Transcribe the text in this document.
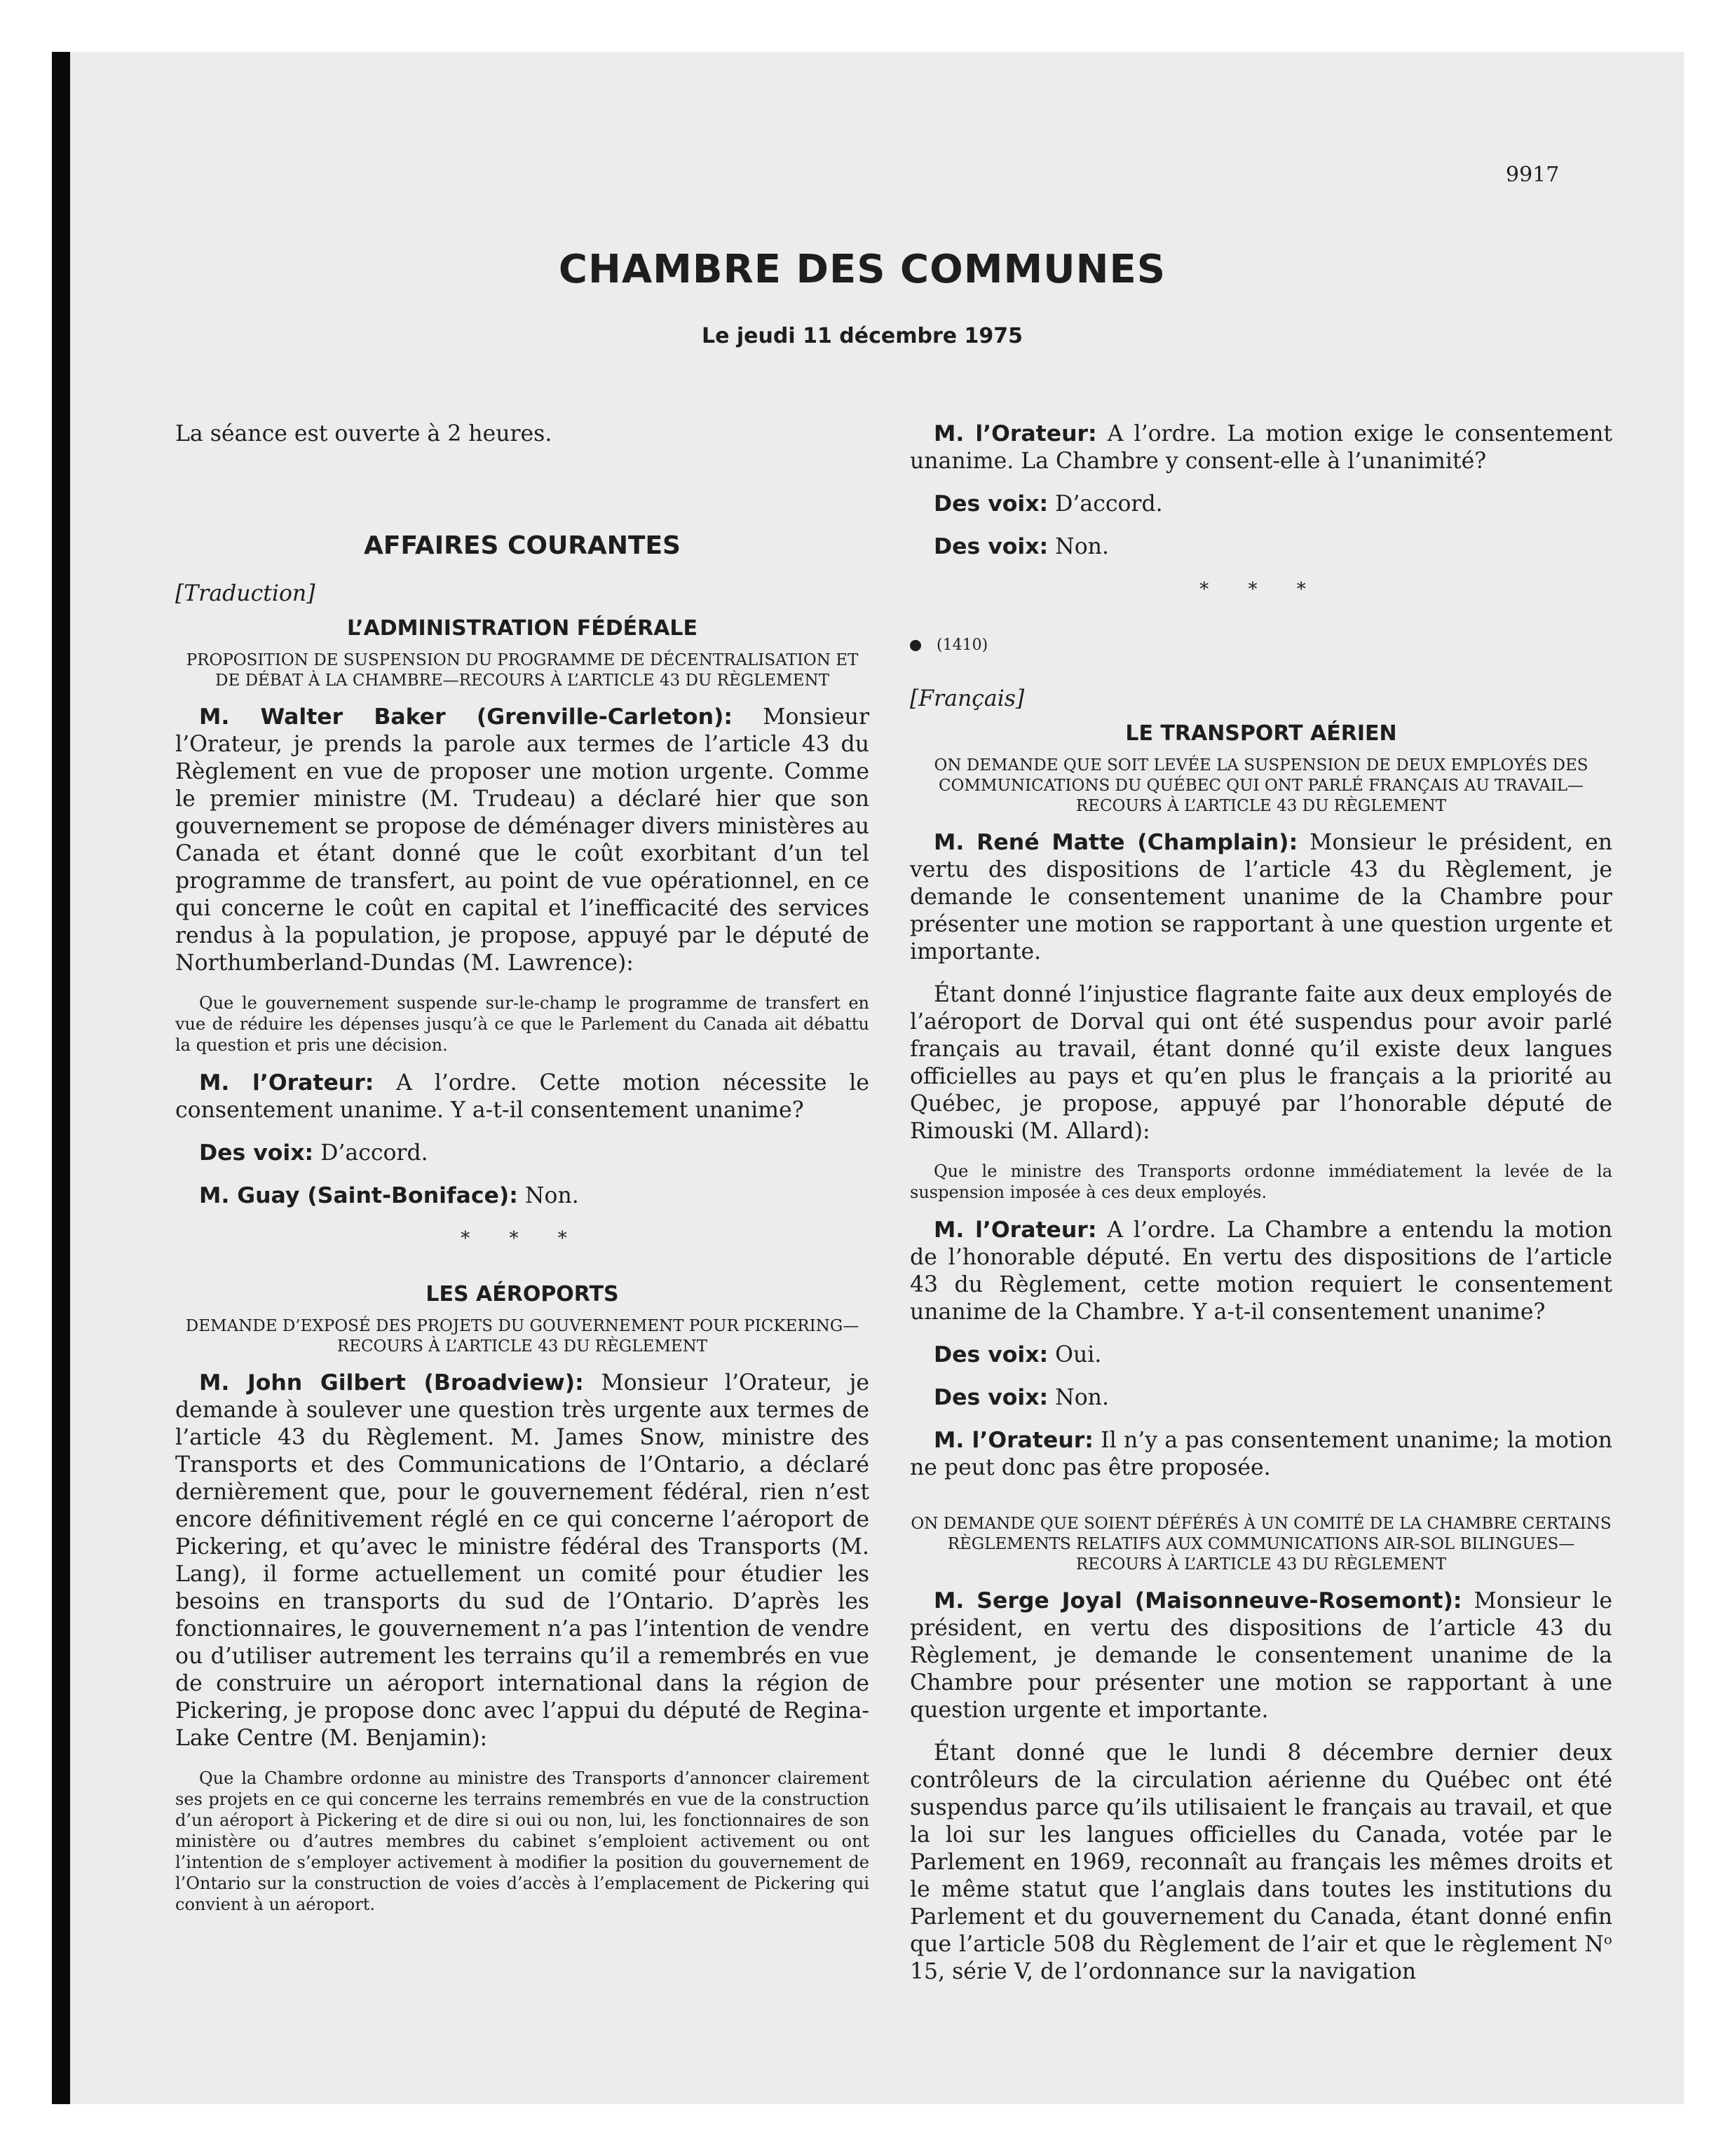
9917
CHAMBRE DES COMMUNES
Le jeudi 11 décembre 1975

La séance est ouverte à 2 heures.

AFFAIRES COURANTES
[Traduction]
L’ADMINISTRATION FÉDÉRALE
PROPOSITION DE SUSPENSION DU PROGRAMME DE DÉCENTRALISATION ET DE DÉBAT À LA CHAMBRE—RECOURS À L’ARTICLE 43 DU RÈGLEMENT

M. Walter Baker (Grenville-Carleton): Monsieur l’Orateur, je prends la parole aux termes de l’article 43 du Règlement en vue de proposer une motion urgente. Comme le premier ministre (M. Trudeau) a déclaré hier que son gouvernement se propose de déménager divers ministères au Canada et étant donné que le coût exorbitant d’un tel programme de transfert, au point de vue opérationnel, en ce qui concerne le coût en capital et l’inefficacité des services rendus à la population, je propose, appuyé par le député de Northumberland-Dundas (M. Lawrence):

Que le gouvernement suspende sur-le-champ le programme de transfert en vue de réduire les dépenses jusqu’à ce que le Parlement du Canada ait débattu la question et pris une décision.

M. l’Orateur: A l’ordre. Cette motion nécessite le consentement unanime. Y a-t-il consentement unanime?

Des voix: D’accord.

M. Guay (Saint-Boniface): Non.

* * *
LES AÉROPORTS
DEMANDE D’EXPOSÉ DES PROJETS DU GOUVERNEMENT POUR PICKERING—RECOURS À L’ARTICLE 43 DU RÈGLEMENT

M. John Gilbert (Broadview): Monsieur l’Orateur, je demande à soulever une question très urgente aux termes de l’article 43 du Règlement. M. James Snow, ministre des Transports et des Communications de l’Ontario, a déclaré dernièrement que, pour le gouvernement fédéral, rien n’est encore définitivement réglé en ce qui concerne l’aéroport de Pickering, et qu’avec le ministre fédéral des Transports (M. Lang), il forme actuellement un comité pour étudier les besoins en transports du sud de l’Ontario. D’après les fonctionnaires, le gouvernement n’a pas l’intention de vendre ou d’utiliser autrement les terrains qu’il a remembrés en vue de construire un aéroport international dans la région de Pickering, je propose donc avec l’appui du député de Regina-Lake Centre (M. Benjamin):

Que la Chambre ordonne au ministre des Transports d’annoncer clairement ses projets en ce qui concerne les terrains remembrés en vue de la construction d’un aéroport à Pickering et de dire si oui ou non, lui, les fonctionnaires de son ministère ou d’autres membres du cabinet s’emploient activement ou ont l’intention de s’employer activement à modifier la position du gouvernement de l’Ontario sur la construction de voies d’accès à l’emplacement de Pickering qui convient à un aéroport.

M. l’Orateur: A l’ordre. La motion exige le consentement unanime. La Chambre y consent-elle à l’unanimité?

Des voix: D’accord.

Des voix: Non.

* * *
(1410)
[Français]
LE TRANSPORT AÉRIEN
ON DEMANDE QUE SOIT LEVÉE LA SUSPENSION DE DEUX EMPLOYÉS DES COMMUNICATIONS DU QUÉBEC QUI ONT PARLÉ FRANÇAIS AU TRAVAIL—RECOURS À L’ARTICLE 43 DU RÈGLEMENT

M. René Matte (Champlain): Monsieur le président, en vertu des dispositions de l’article 43 du Règlement, je demande le consentement unanime de la Chambre pour présenter une motion se rapportant à une question urgente et importante.

Étant donné l’injustice flagrante faite aux deux employés de l’aéroport de Dorval qui ont été suspendus pour avoir parlé français au travail, étant donné qu’il existe deux langues officielles au pays et qu’en plus le français a la priorité au Québec, je propose, appuyé par l’honorable député de Rimouski (M. Allard):

Que le ministre des Transports ordonne immédiatement la levée de la suspension imposée à ces deux employés.

M. l’Orateur: A l’ordre. La Chambre a entendu la motion de l’honorable député. En vertu des dispositions de l’article 43 du Règlement, cette motion requiert le consentement unanime de la Chambre. Y a-t-il consentement unanime?

Des voix: Oui.

Des voix: Non.

M. l’Orateur: Il n’y a pas consentement unanime; la motion ne peut donc pas être proposée.

ON DEMANDE QUE SOIENT DÉFÉRÉS À UN COMITÉ DE LA CHAMBRE CERTAINS RÈGLEMENTS RELATIFS AUX COMMUNICATIONS AIR-SOL BILINGUES—RECOURS À L’ARTICLE 43 DU RÈGLEMENT

M. Serge Joyal (Maisonneuve-Rosemont): Monsieur le président, en vertu des dispositions de l’article 43 du Règlement, je demande le consentement unanime de la Chambre pour présenter une motion se rapportant à une question urgente et importante.

Étant donné que le lundi 8 décembre dernier deux contrôleurs de la circulation aérienne du Québec ont été suspendus parce qu’ils utilisaient le français au travail, et que la loi sur les langues officielles du Canada, votée par le Parlement en 1969, reconnaît au français les mêmes droits et le même statut que l’anglais dans toutes les institutions du Parlement et du gouvernement du Canada, étant donné enfin que l’article 508 du Règlement de l’air et que le règlement Nᵒ 15, série V, de l’ordonnance sur la navigation
